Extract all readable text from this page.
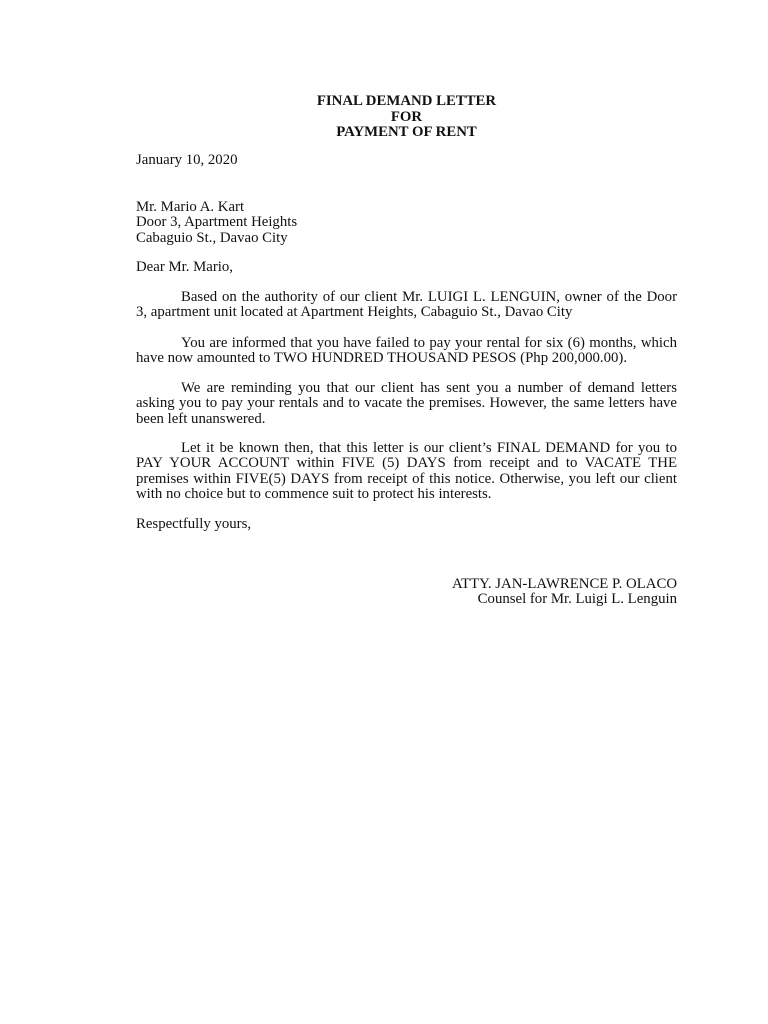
FINAL DEMAND LETTER
FOR
PAYMENT OF RENT
January 10, 2020
Mr. Mario A. Kart
Door 3, Apartment Heights
Cabaguio St., Davao City
Dear Mr. Mario,
Based on the authority of our client Mr. LUIGI L. LENGUIN, owner of the Door
3, apartment unit located at Apartment Heights, Cabaguio St., Davao City
You are informed that you have failed to pay your rental for six (6) months, which
have now amounted to TWO HUNDRED THOUSAND PESOS (Php 200,000.00).
We are reminding you that our client has sent you a number of demand letters
asking you to pay your rentals and to vacate the premises. However, the same letters have
been left unanswered.
Let it be known then, that this letter is our client’s FINAL DEMAND for you to
PAY YOUR ACCOUNT within FIVE (5) DAYS from receipt and to VACATE THE
premises within FIVE(5) DAYS from receipt of this notice. Otherwise, you left our client
with no choice but to commence suit to protect his interests.
Respectfully yours,
ATTY. JAN-LAWRENCE P. OLACO
Counsel for Mr. Luigi L. Lenguin
